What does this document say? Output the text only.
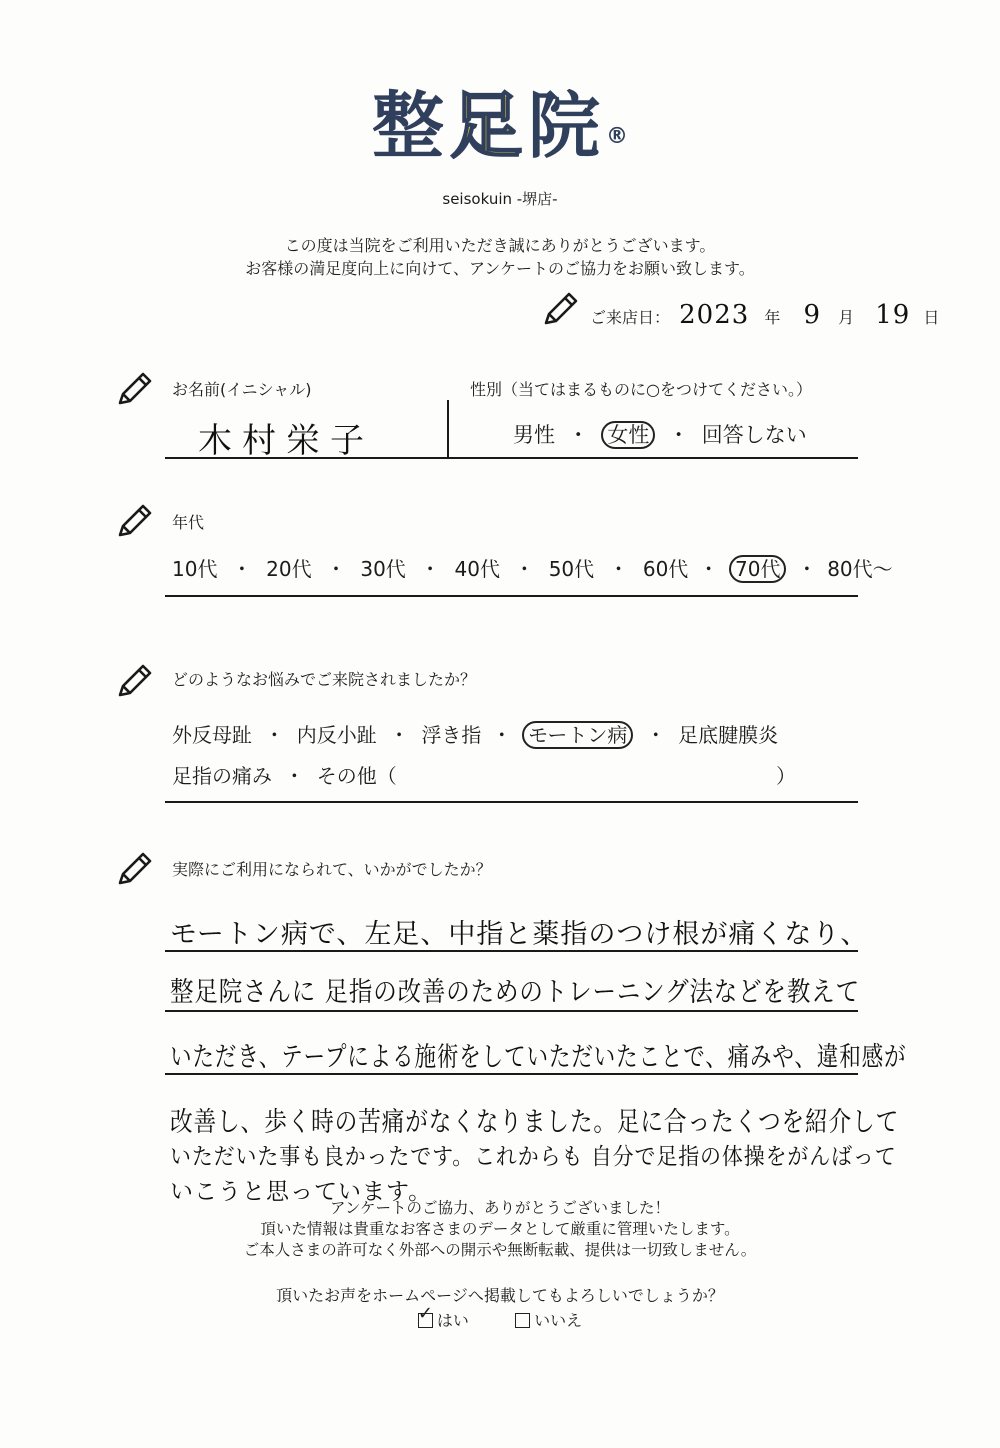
整足院®
seisokuin -堺店-
この度は当院をご利用いただき誠にありがとうございます。
お客様の満足度向上に向けて、アンケートのご協力をお願い致します。
ご来店日： 2023 年 9 月 19 日
お名前(イニシャル)
木村栄子
性別（当てはまるものに○をつけてください。）
男性 ・ 女性 ・ 回答しない
年代
10代 ・ 20代 ・ 30代 ・ 40代 ・ 50代 ・ 60代 ・ 70代 ・ 80代〜
どのようなお悩みでご来院されましたか？
外反母趾 ・ 内反小趾 ・ 浮き指 ・ モートン病 ・ 足底腱膜炎
足指の痛み ・ その他（	）
実際にご利用になられて、いかがでしたか？
モートン病で、左足、中指と薬指のつけ根が痛くなり、
整足院さんに 足指の改善のためのトレーニング法などを教えて
いただき、テープによる施術をしていただいたことで、痛みや、違和感が
改善し、歩く時の苦痛がなくなりました。足に合ったくつを紹介して
いただいた事も良かったです。これからも 自分で足指の体操をがんばって
いこうと思っています。
アンケートのご協力、ありがとうございました！
頂いた情報は貴重なお客さまのデータとして厳重に管理いたします。
ご本人さまの許可なく外部への開示や無断転載、提供は一切致しません。
頂いたお声をホームページへ掲載してもよろしいでしょうか？
✓ はい	いいえ
